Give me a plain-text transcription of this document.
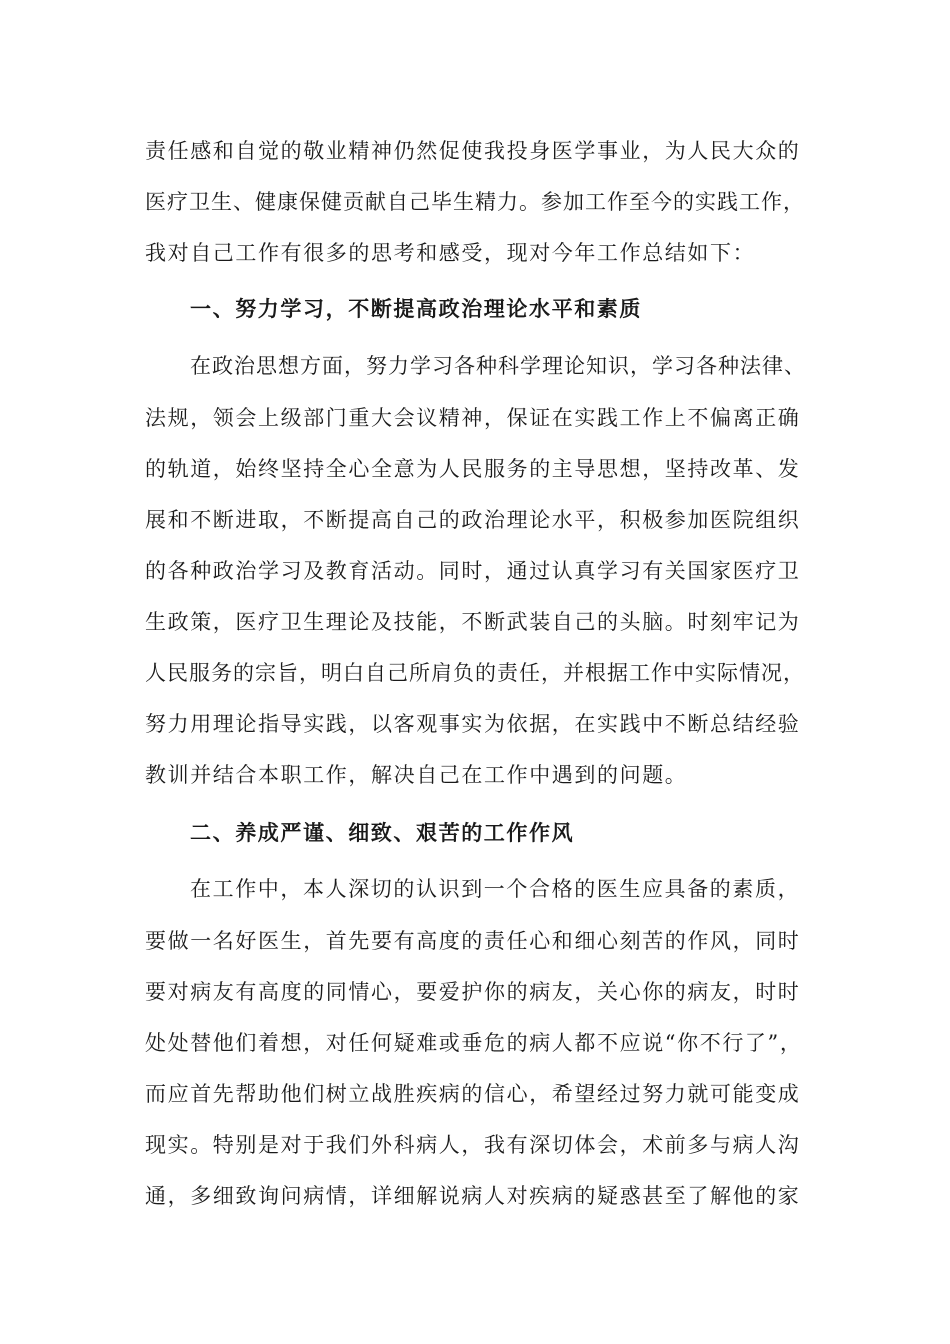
责任感和自觉的敬业精神仍然促使我投身医学事业，为人民大众的
医疗卫生、健康保健贡献自己毕生精力。参加工作至今的实践工作，
我对自己工作有很多的思考和感受，现对今年工作总结如下：
一、努力学习，不断提高政治理论水平和素质
在政治思想方面，努力学习各种科学理论知识，学习各种法律、
法规，领会上级部门重大会议精神，保证在实践工作上不偏离正确
的轨道，始终坚持全心全意为人民服务的主导思想，坚持改革、发
展和不断进取，不断提高自己的政治理论水平，积极参加医院组织
的各种政治学习及教育活动。同时，通过认真学习有关国家医疗卫
生政策，医疗卫生理论及技能，不断武装自己的头脑。时刻牢记为
人民服务的宗旨，明白自己所肩负的责任，并根据工作中实际情况，
努力用理论指导实践，以客观事实为依据，在实践中不断总结经验
教训并结合本职工作，解决自己在工作中遇到的问题。
二、养成严谨、细致、艰苦的工作作风
在工作中，本人深切的认识到一个合格的医生应具备的素质，
要做一名好医生，首先要有高度的责任心和细心刻苦的作风，同时
要对病友有高度的同情心，要爱护你的病友，关心你的病友，时时
处处替他们着想，对任何疑难或垂危的病人都不应说“你不行了”，
而应首先帮助他们树立战胜疾病的信心，希望经过努力就可能变成
现实。特别是对于我们外科病人，我有深切体会，术前多与病人沟
通，多细致询问病情，详细解说病人对疾病的疑惑甚至了解他的家
